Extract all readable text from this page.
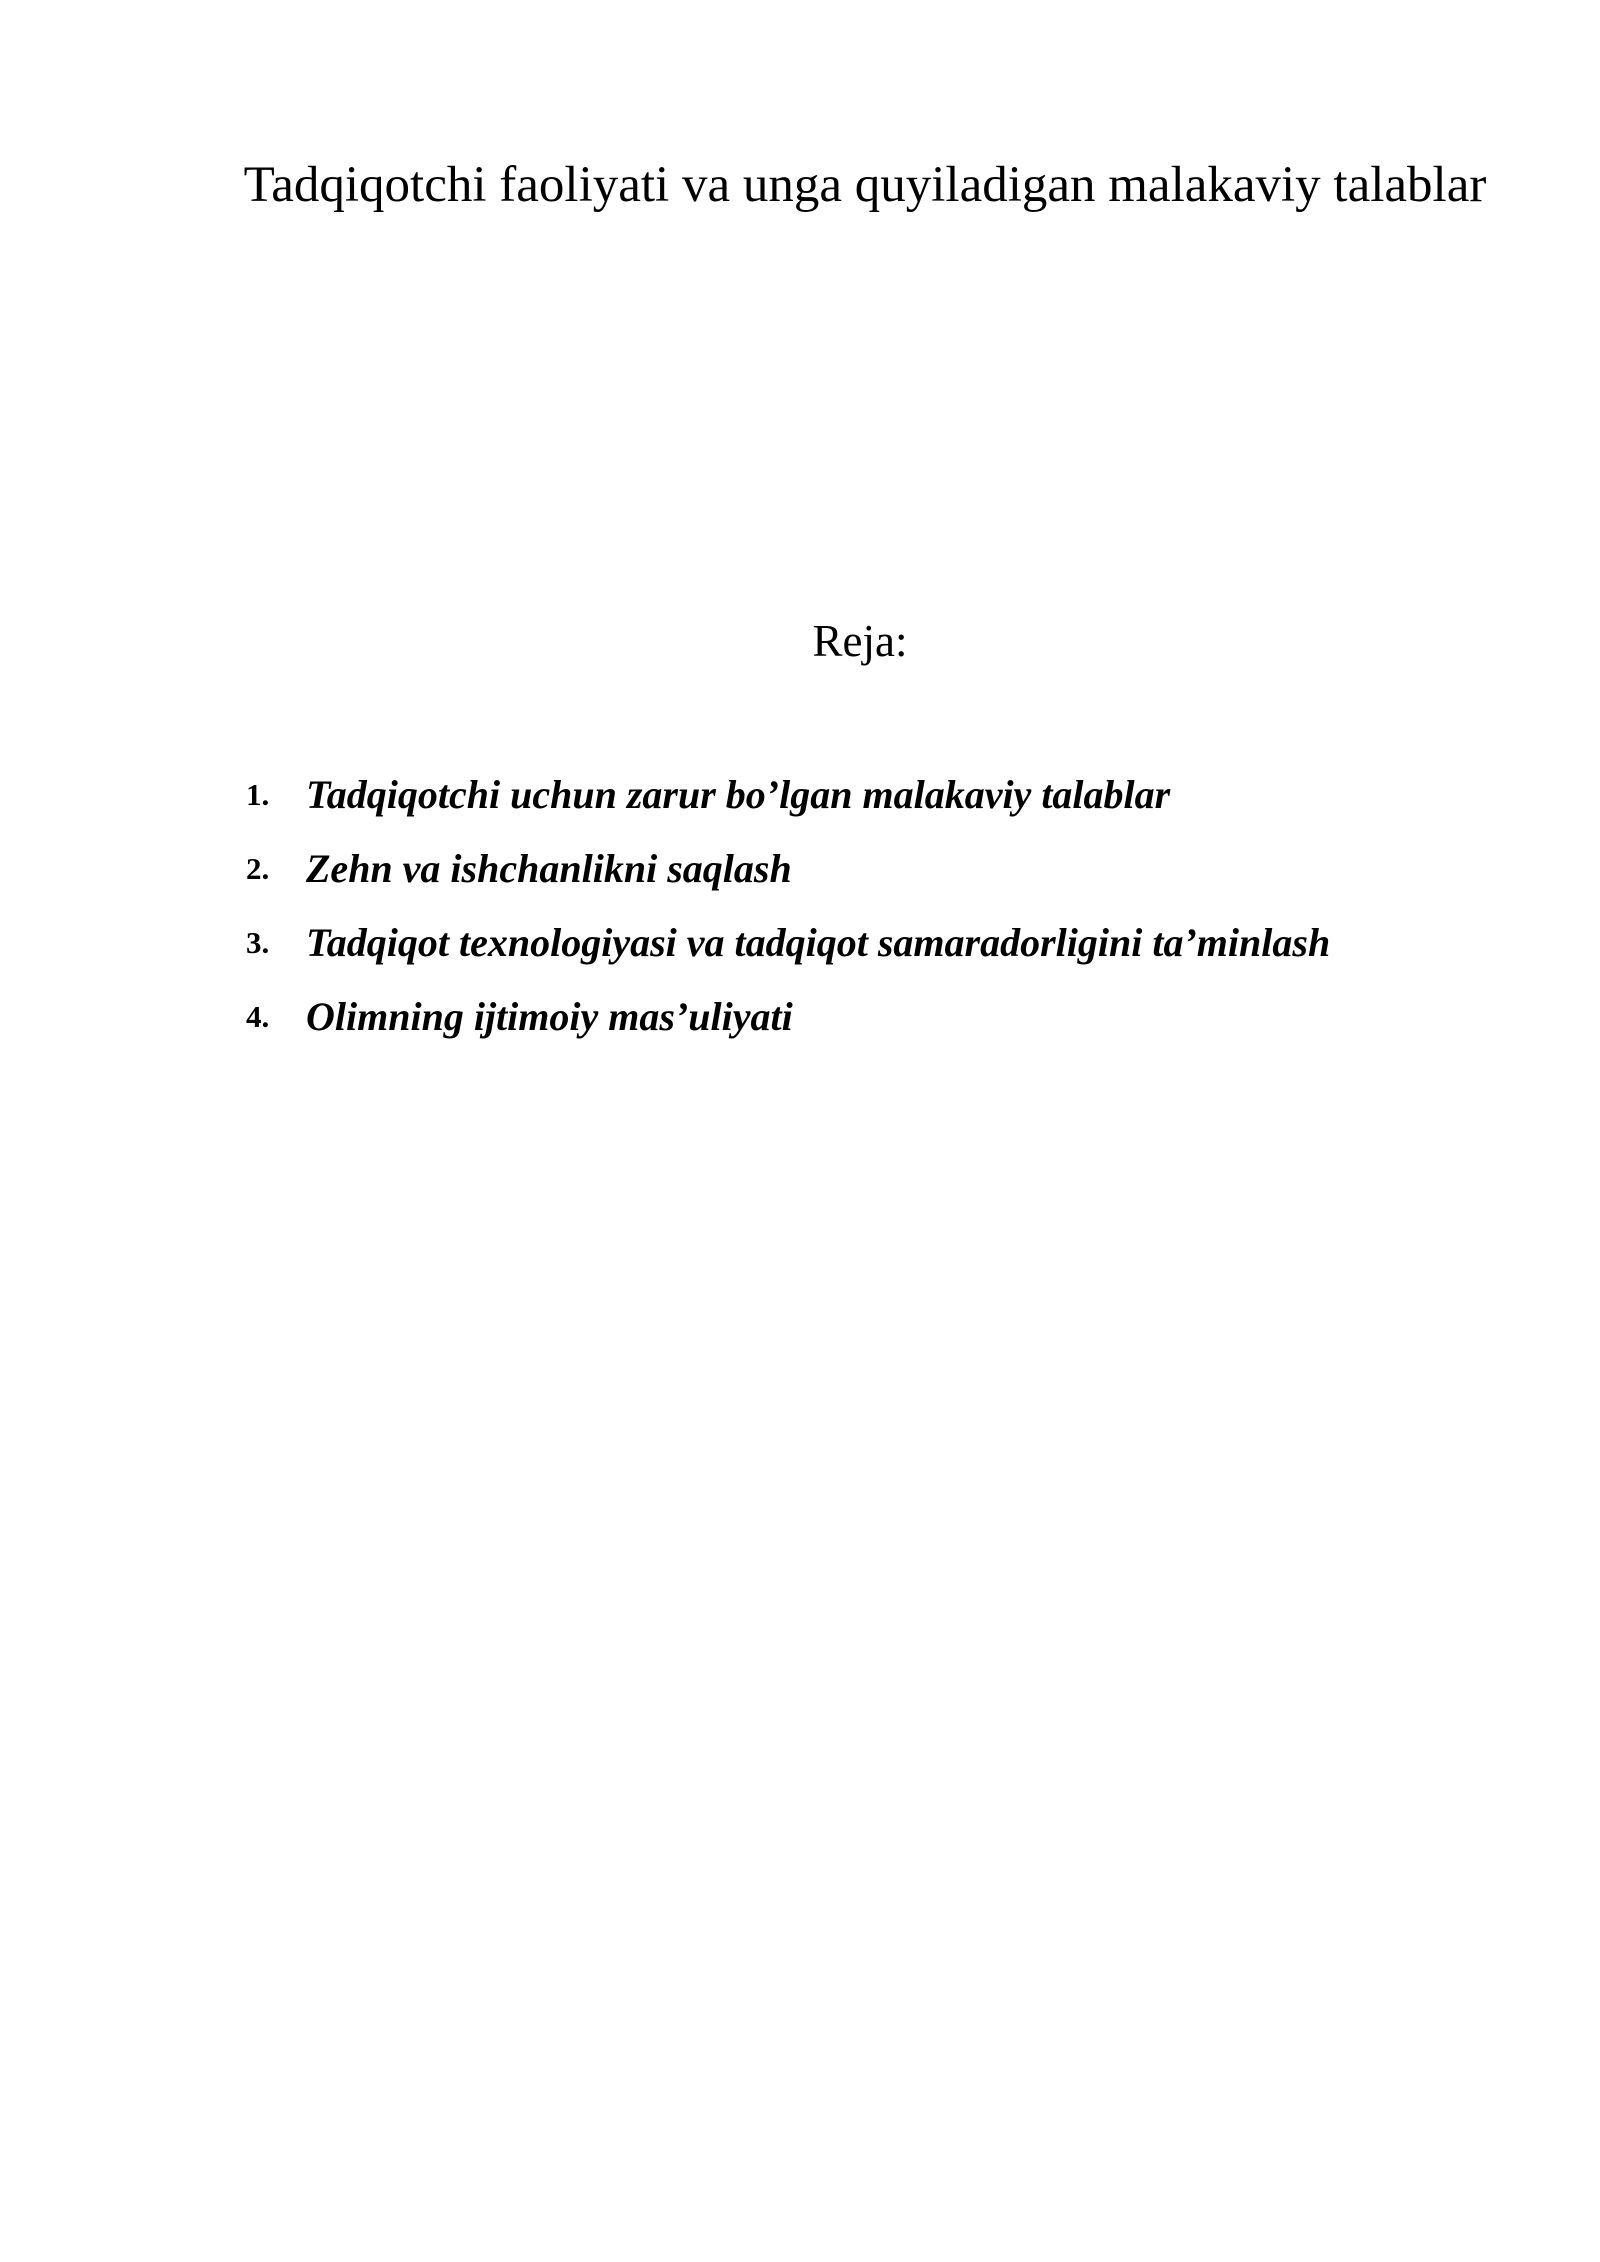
Tadqiqotchi faoliyati va unga quyiladigan malakaviy talablar
Reja:
1. Tadqiqotchi uchun zarur bo’lgan malakaviy talablar
2. Zehn va ishchanlikni saqlash
3. Tadqiqot texnologiyasi va tadqiqot samaradorligini ta’minlash
4. Olimning ijtimoiy mas’uliyati
